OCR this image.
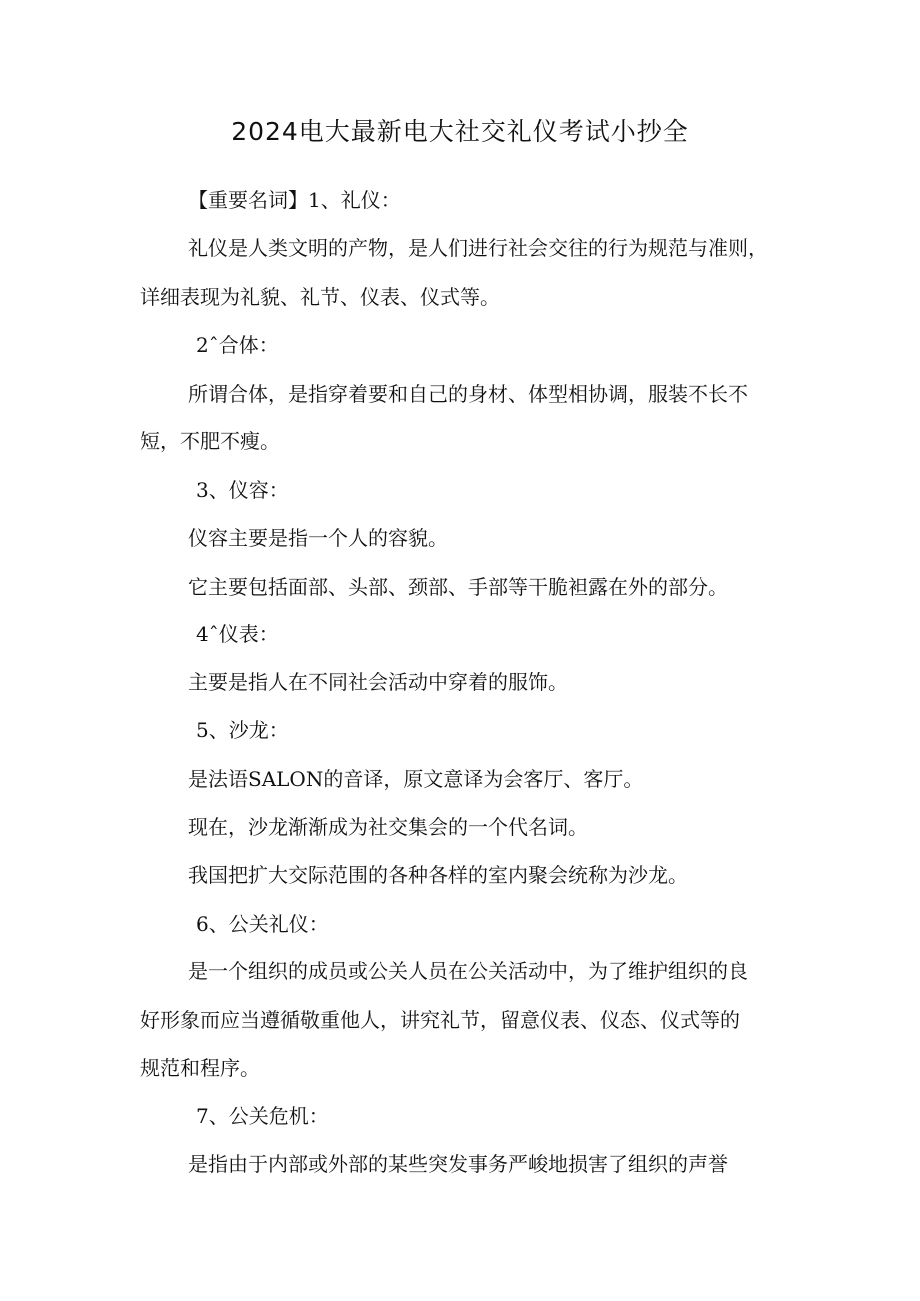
2024电大最新电大社交礼仪考试小抄全
【重要名词】1、礼仪：
礼仪是人类文明的产物，是人们进行社会交往的行为规范与准则，
详细表现为礼貌、礼节、仪表、仪式等。
2ˆ合体：
所谓合体，是指穿着要和自己的身材、体型相协调，服装不长不
短，不肥不瘦。
3、仪容：
仪容主要是指一个人的容貌。
它主要包括面部、头部、颈部、手部等干脆袒露在外的部分。
4ˆ仪表：
主要是指人在不同社会活动中穿着的服饰。
5、沙龙：
是法语SALON的音译，原文意译为会客厅、客厅。
现在，沙龙渐渐成为社交集会的一个代名词。
我国把扩大交际范围的各种各样的室内聚会统称为沙龙。
6、公关礼仪：
是一个组织的成员或公关人员在公关活动中，为了维护组织的良
好形象而应当遵循敬重他人，讲究礼节，留意仪表、仪态、仪式等的
规范和程序。
7、公关危机：
是指由于内部或外部的某些突发事务严峻地损害了组织的声誉
